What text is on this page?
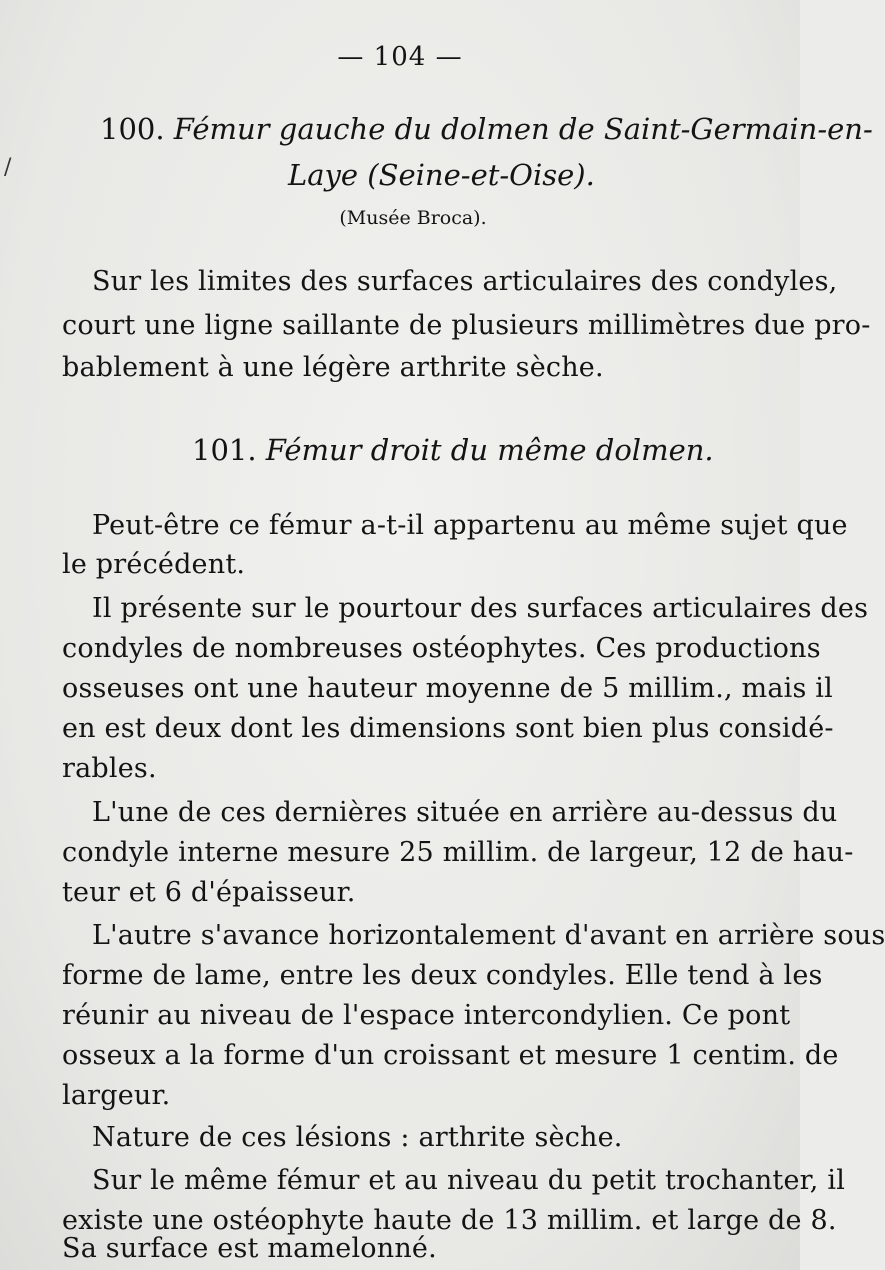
/
— 104 —
100. Fémur gauche du dolmen de Saint-Germain-en-
Laye (Seine-et-Oise).
(Musée Broca).
Sur les limites des surfaces articulaires des condyles,
court une ligne saillante de plusieurs millimètres due pro-
bablement à une légère arthrite sèche.
101. Fémur droit du même dolmen.
Peut-être ce fémur a-t-il appartenu au même sujet que
le précédent.
Il présente sur le pourtour des surfaces articulaires des
condyles de nombreuses ostéophytes. Ces productions
osseuses ont une hauteur moyenne de 5 millim., mais il
en est deux dont les dimensions sont bien plus considé-
rables.
L'une de ces dernières située en arrière au-dessus du
condyle interne mesure 25 millim. de largeur, 12 de hau-
teur et 6 d'épaisseur.
L'autre s'avance horizontalement d'avant en arrière sous
forme de lame, entre les deux condyles. Elle tend à les
réunir au niveau de l'espace intercondylien. Ce pont
osseux a la forme d'un croissant et mesure 1 centim. de
largeur.
Nature de ces lésions : arthrite sèche.
Sur le même fémur et au niveau du petit trochanter, il
existe une ostéophyte haute de 13 millim. et large de 8.
Sa surface est mamelonné.
